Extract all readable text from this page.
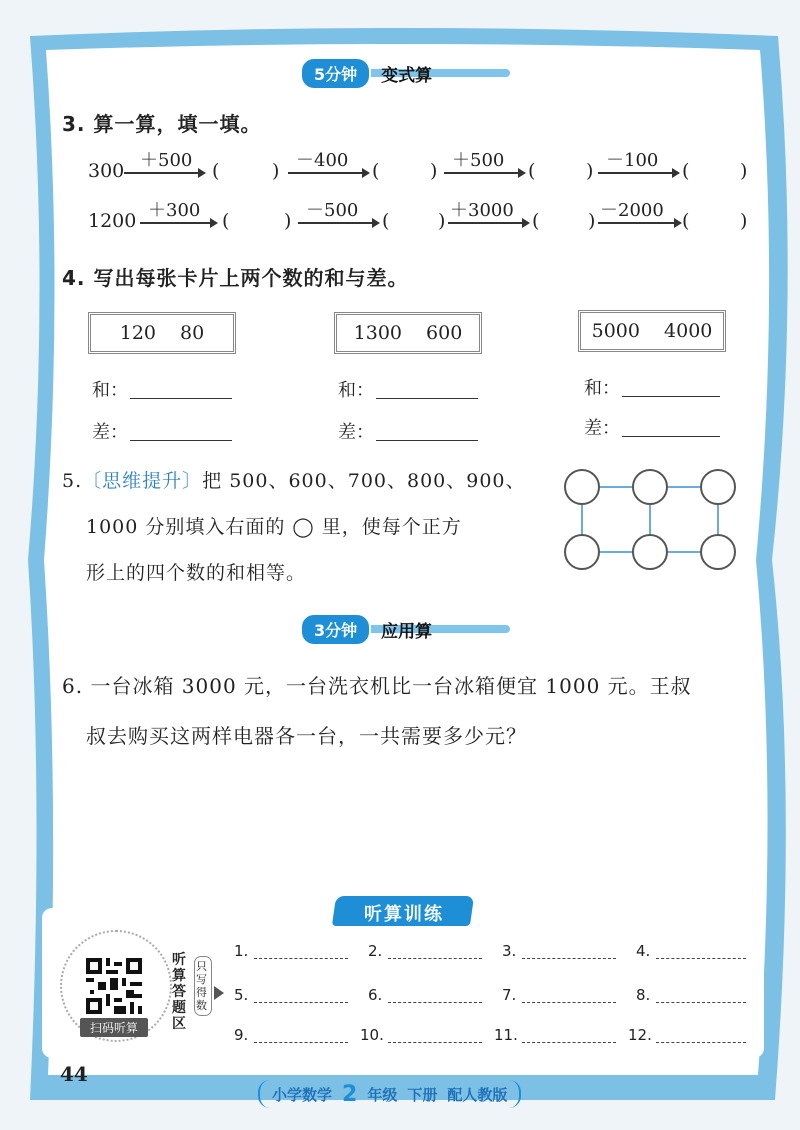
5分钟	变式算
3. 算一算，填一填。
300 ＋500 (	) －400 (	) ＋500 (	) －100 (	)
1200 ＋300 (	) －500 (	) ＋3000 (	) －2000 (	)
4. 写出每张卡片上两个数的和与差。
120 80	1300 600	5000 4000
和：
差：
和：
差：
和：
差：
5.〔思维提升〕把 500、600、700、800、900、
1000 分别填入右面的 ◯ 里，使每个正方
形上的四个数的和相等。
3分钟	应用算
6. 一台冰箱 3000 元，一台洗衣机比一台冰箱便宜 1000 元。王叔
叔去购买这两样电器各一台，一共需要多少元？
听算训练
扫码听算
听算答题区
只写得数
1.	2.	3.	4.
5.	6.	7.	8.
9.	10.	11.	12.
44
小学数学 2 年级 下册 配人教版
